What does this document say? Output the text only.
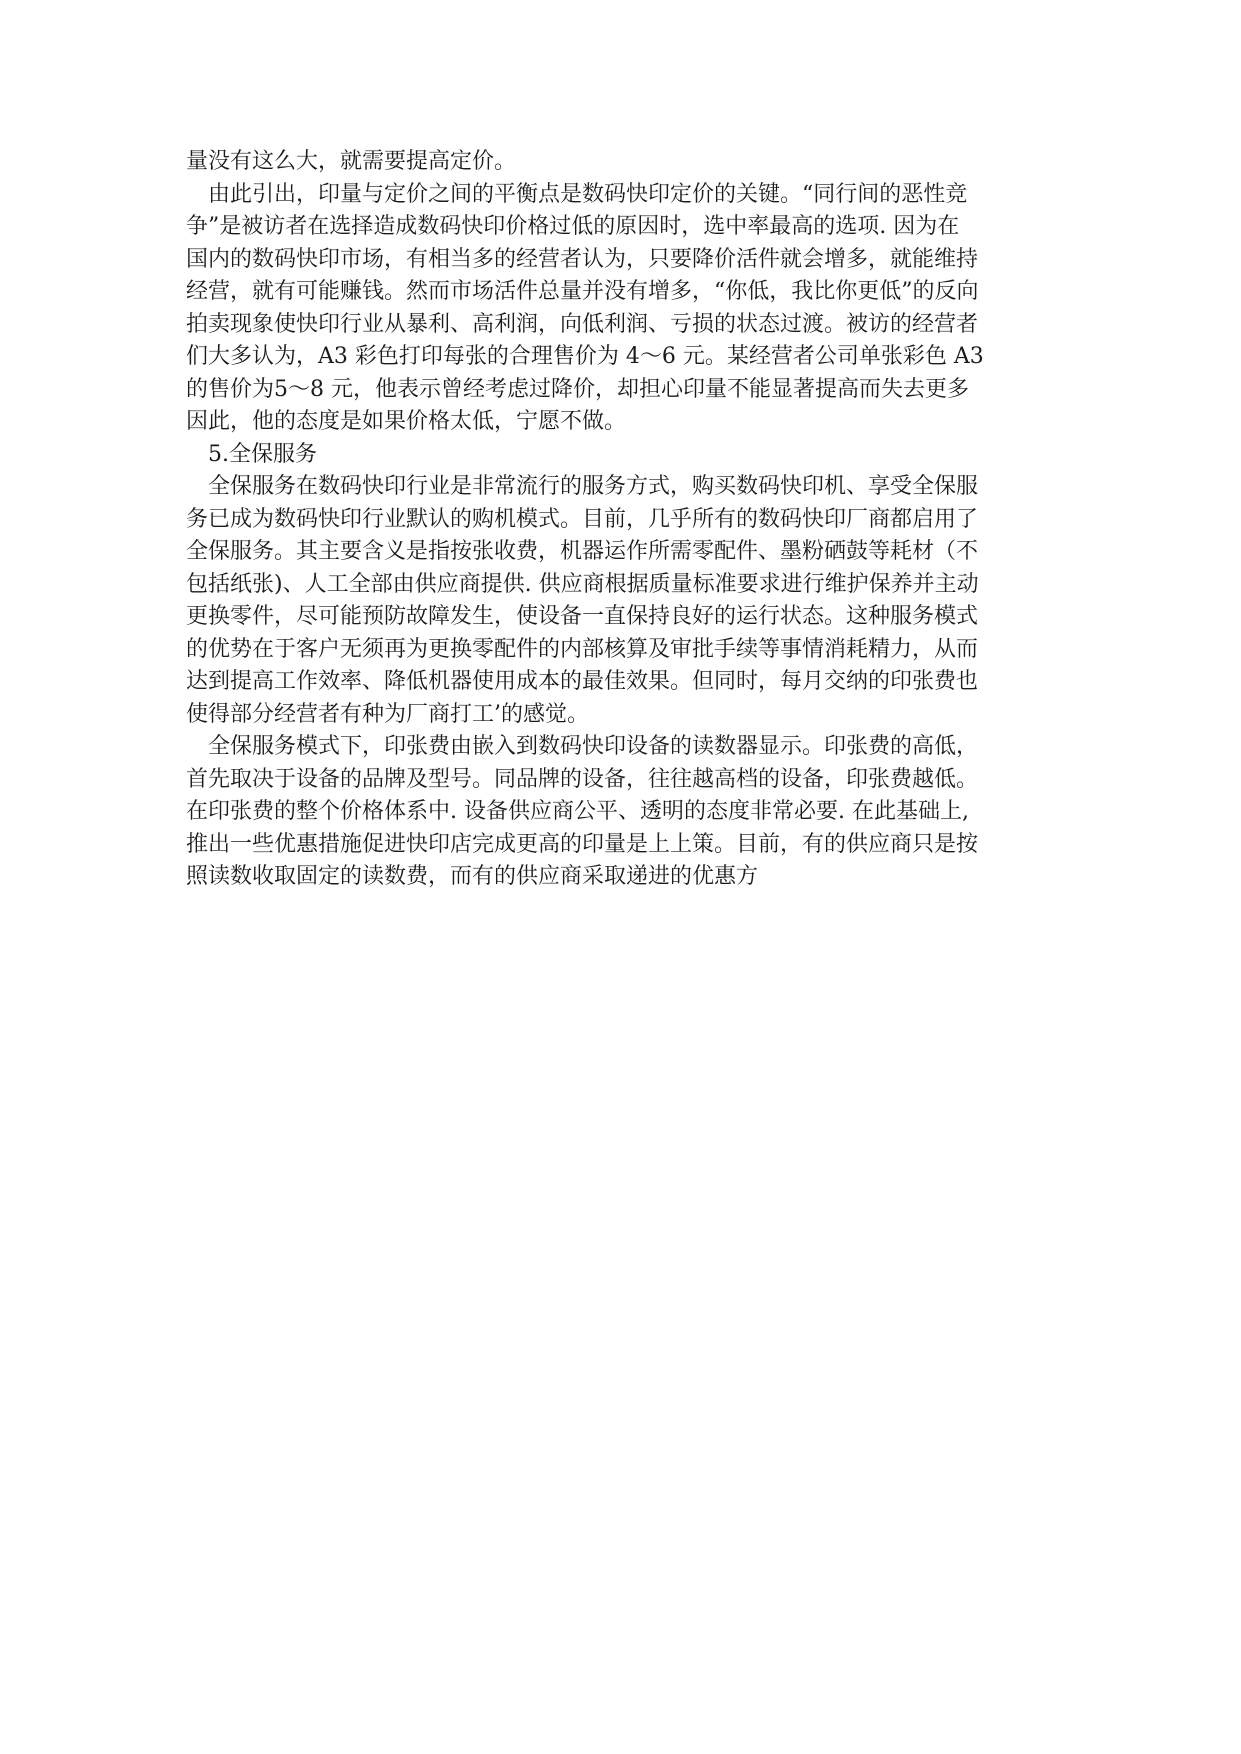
量没有这么大，就需要提高定价。
　由此引出，印量与定价之间的平衡点是数码快印定价的关键。“同行间的恶性竞
争”是被访者在选择造成数码快印价格过低的原因时，选中率最高的选项. 因为在
国内的数码快印市场，有相当多的经营者认为，只要降价活件就会增多，就能维持
经营，就有可能赚钱。然而市场活件总量并没有增多，“你低，我比你更低”的反向
拍卖现象使快印行业从暴利、高利润，向低利润、亏损的状态过渡。被访的经营者
们大多认为，A3 彩色打印每张的合理售价为 4～6 元。某经营者公司单张彩色 A3
的售价为5～8 元，他表示曾经考虑过降价，却担心印量不能显著提高而失去更多
因此，他的态度是如果价格太低，宁愿不做。
　5.全保服务
　全保服务在数码快印行业是非常流行的服务方式，购买数码快印机、享受全保服
务已成为数码快印行业默认的购机模式。目前，几乎所有的数码快印厂商都启用了
全保服务。其主要含义是指按张收费，机器运作所需零配件、墨粉硒鼓等耗材（不
包括纸张)、人工全部由供应商提供. 供应商根据质量标准要求进行维护保养并主动
更换零件，尽可能预防故障发生，使设备一直保持良好的运行状态。这种服务模式
的优势在于客户无须再为更换零配件的内部核算及审批手续等事情消耗精力，从而
达到提高工作效率、降低机器使用成本的最佳效果。但同时，每月交纳的印张费也
使得部分经营者有种为厂商打工’的感觉。
　全保服务模式下，印张费由嵌入到数码快印设备的读数器显示。印张费的高低，
首先取决于设备的品牌及型号。同品牌的设备，往往越高档的设备，印张费越低。
在印张费的整个价格体系中. 设备供应商公平、透明的态度非常必要. 在此基础上,
推出一些优惠措施促进快印店完成更高的印量是上上策。目前，有的供应商只是按
照读数收取固定的读数费，而有的供应商采取递进的优惠方
